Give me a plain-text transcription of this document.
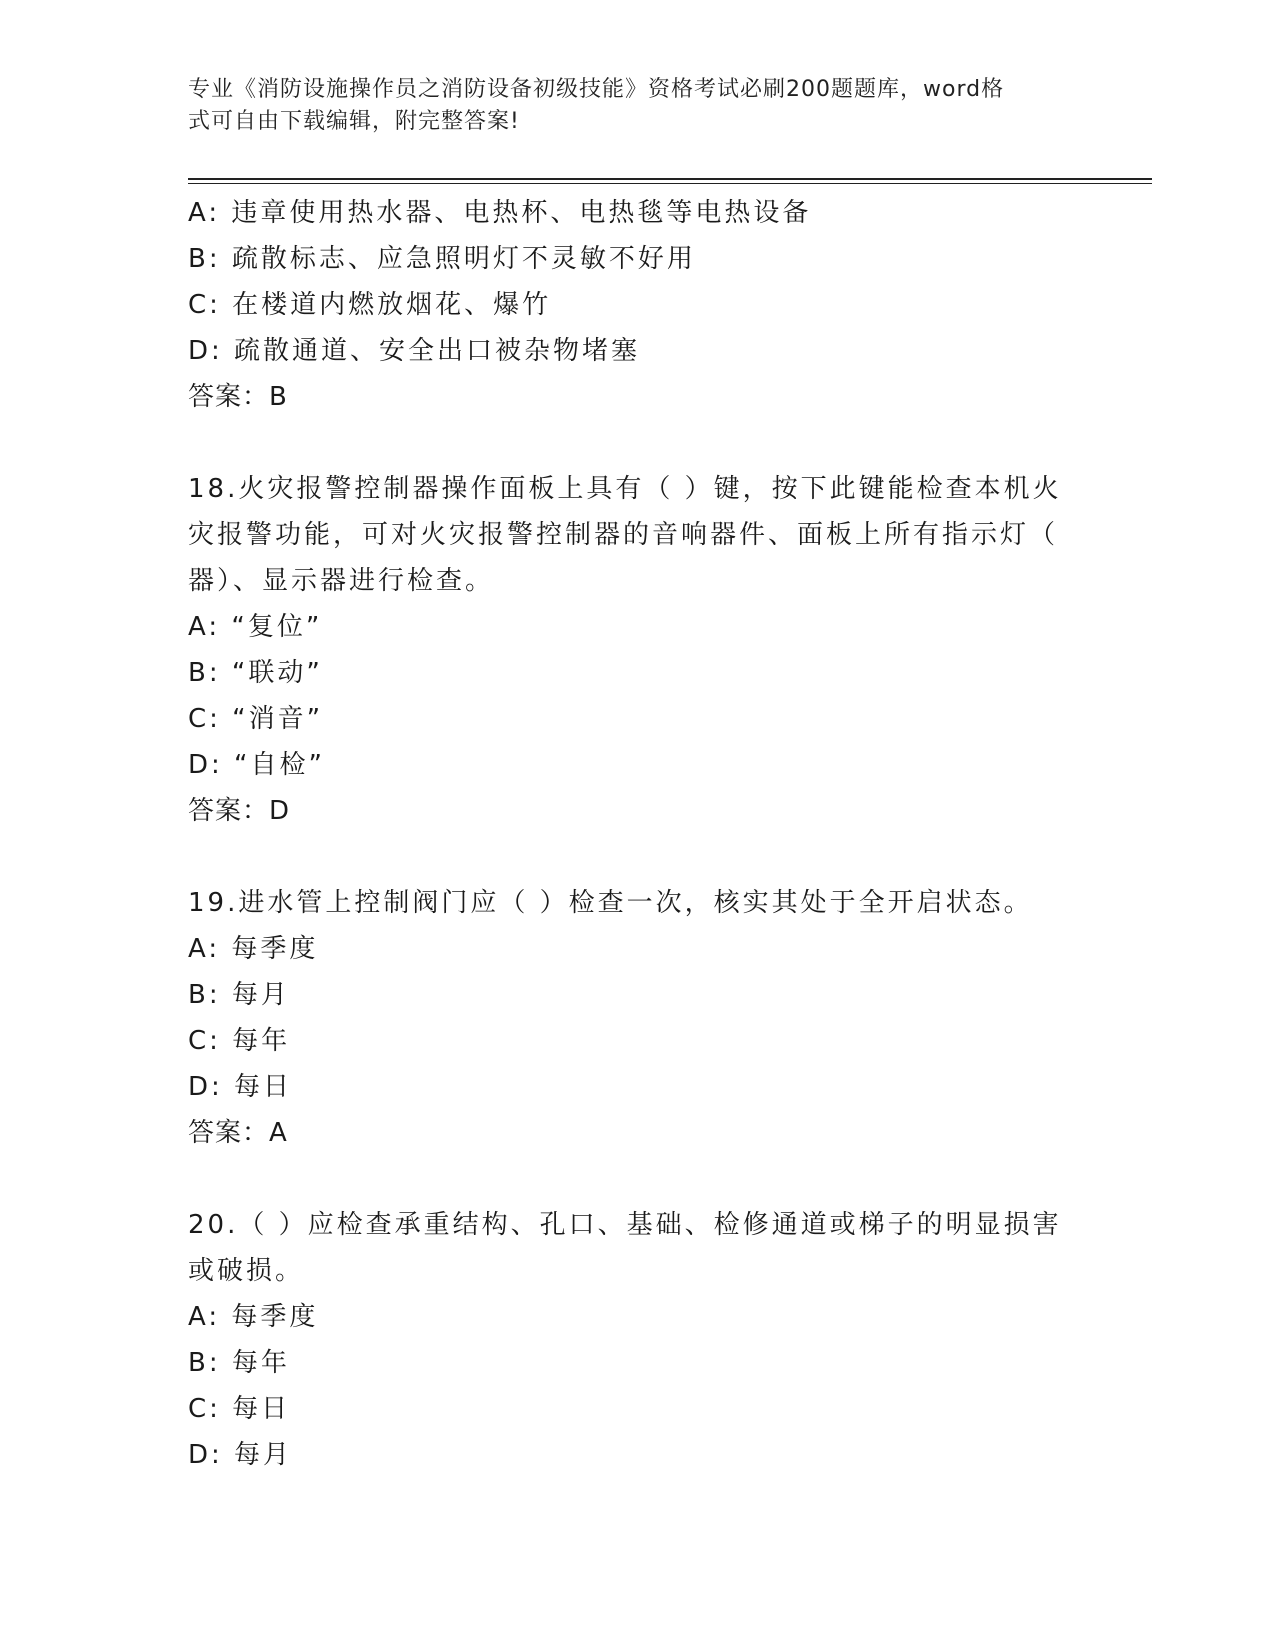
专业《消防设施操作员之消防设备初级技能》资格考试必刷200题题库，word格
式可自由下载编辑，附完整答案!
A: 违章使用热水器、电热杯、电热毯等电热设备
B: 疏散标志、应急照明灯不灵敏不好用
C: 在楼道内燃放烟花、爆竹
D: 疏散通道、安全出口被杂物堵塞
答案：B
18.火灾报警控制器操作面板上具有（ ）键，按下此键能检查本机火
灾报警功能，可对火灾报警控制器的音响器件、面板上所有指示灯（
器）、显示器进行检查。
A: “复位”
B: “联动”
C: “消音”
D: “自检”
答案：D
19.进水管上控制阀门应（ ）检查一次，核实其处于全开启状态。
A: 每季度
B: 每月
C: 每年
D: 每日
答案：A
20.（ ）应检查承重结构、孔口、基础、检修通道或梯子的明显损害
或破损。
A: 每季度
B: 每年
C: 每日
D: 每月
